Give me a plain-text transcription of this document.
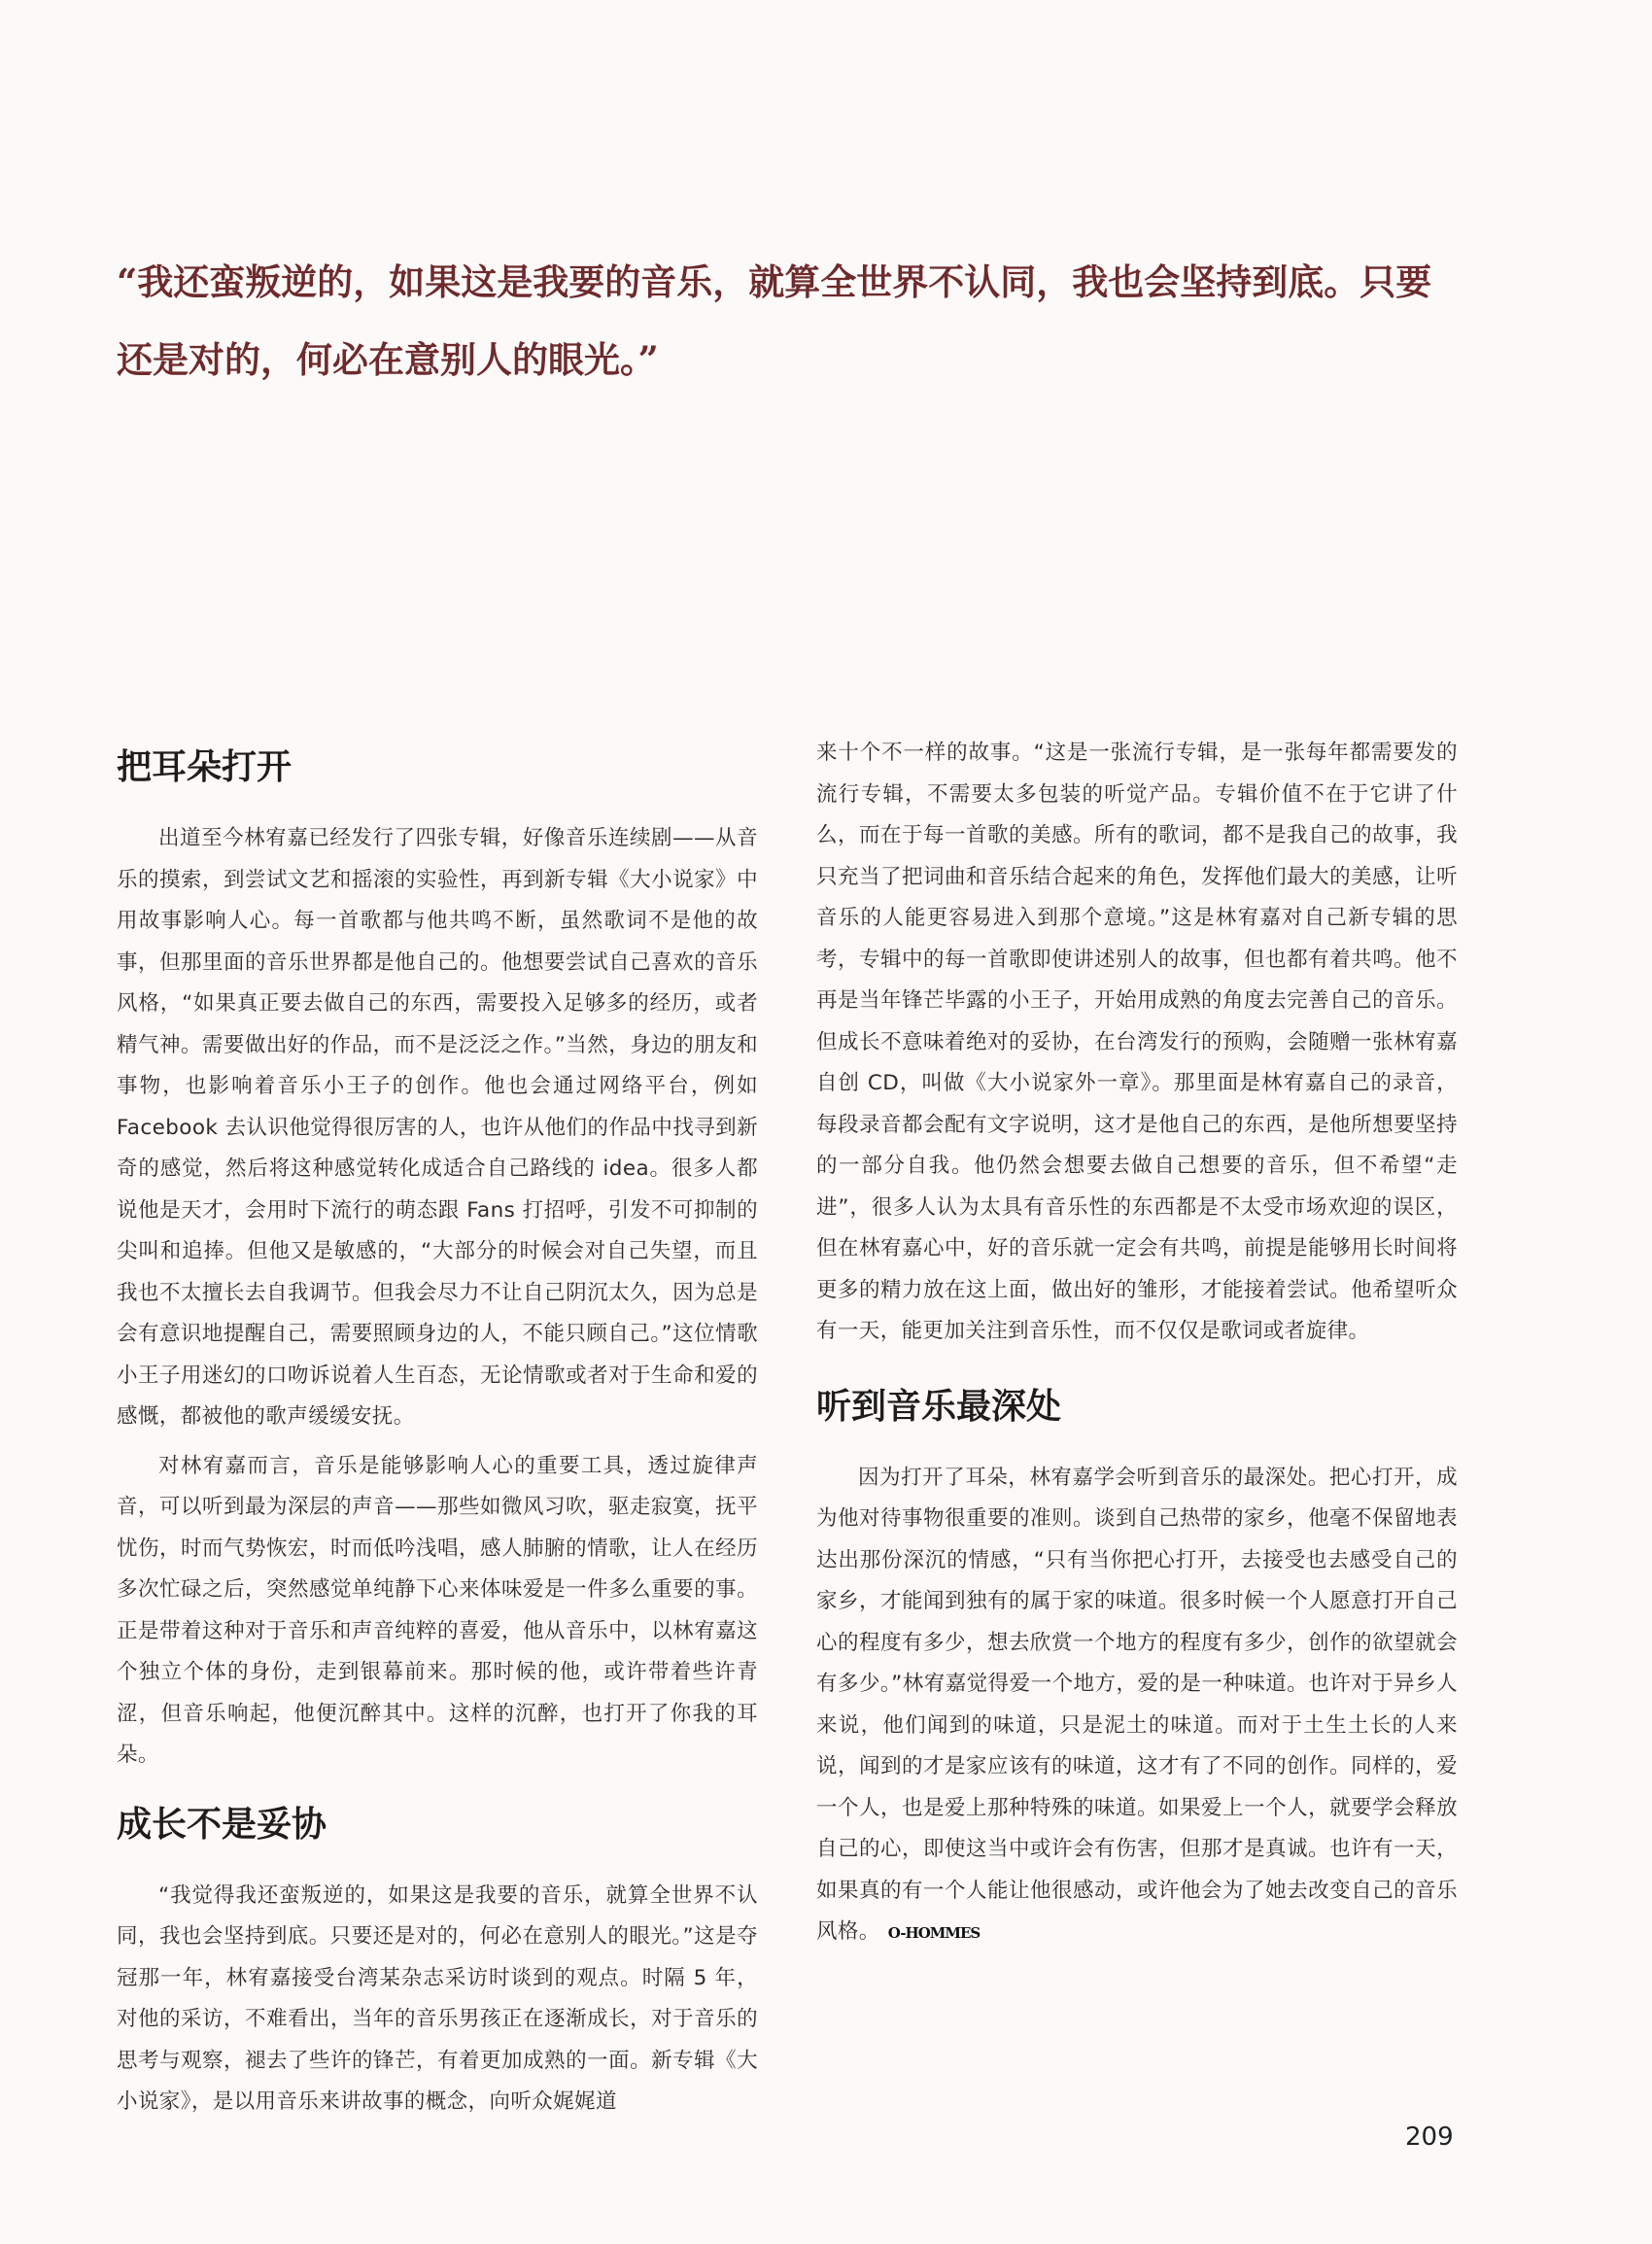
“我还蛮叛逆的，如果这是我要的音乐，就算全世界不认同，我也会坚持到底。只要还是对的，何必在意别人的眼光。”

把耳朵打开

出道至今林宥嘉已经发行了四张专辑，好像音乐连续剧——从音乐的摸索，到尝试文艺和摇滚的实验性，再到新专辑《大小说家》中用故事影响人心。每一首歌都与他共鸣不断，虽然歌词不是他的故事，但那里面的音乐世界都是他自己的。他想要尝试自己喜欢的音乐风格，“如果真正要去做自己的东西，需要投入足够多的经历，或者精气神。需要做出好的作品，而不是泛泛之作。”当然，身边的朋友和事物，也影响着音乐小王子的创作。他也会通过网络平台，例如 Facebook 去认识他觉得很厉害的人，也许从他们的作品中找寻到新奇的感觉，然后将这种感觉转化成适合自己路线的 idea。很多人都说他是天才，会用时下流行的萌态跟 Fans 打招呼，引发不可抑制的尖叫和追捧。但他又是敏感的，“大部分的时候会对自己失望，而且我也不太擅长去自我调节。但我会尽力不让自己阴沉太久，因为总是会有意识地提醒自己，需要照顾身边的人，不能只顾自己。”这位情歌小王子用迷幻的口吻诉说着人生百态，无论情歌或者对于生命和爱的感慨，都被他的歌声缓缓安抚。

对林宥嘉而言，音乐是能够影响人心的重要工具，透过旋律声音，可以听到最为深层的声音——那些如微风习吹，驱走寂寞，抚平忧伤，时而气势恢宏，时而低吟浅唱，感人肺腑的情歌，让人在经历多次忙碌之后，突然感觉单纯静下心来体味爱是一件多么重要的事。正是带着这种对于音乐和声音纯粹的喜爱，他从音乐中，以林宥嘉这个独立个体的身份，走到银幕前来。那时候的他，或许带着些许青涩，但音乐响起，他便沉醉其中。这样的沉醉，也打开了你我的耳朵。

成长不是妥协

“我觉得我还蛮叛逆的，如果这是我要的音乐，就算全世界不认同，我也会坚持到底。只要还是对的，何必在意别人的眼光。”这是夺冠那一年，林宥嘉接受台湾某杂志采访时谈到的观点。时隔 5 年，对他的采访，不难看出，当年的音乐男孩正在逐渐成长，对于音乐的思考与观察，褪去了些许的锋芒，有着更加成熟的一面。新专辑《大小说家》，是以用音乐来讲故事的概念，向听众娓娓道

来十个不一样的故事。“这是一张流行专辑，是一张每年都需要发的流行专辑，不需要太多包装的听觉产品。专辑价值不在于它讲了什么，而在于每一首歌的美感。所有的歌词，都不是我自己的故事，我只充当了把词曲和音乐结合起来的角色，发挥他们最大的美感，让听音乐的人能更容易进入到那个意境。”这是林宥嘉对自己新专辑的思考，专辑中的每一首歌即使讲述别人的故事，但也都有着共鸣。他不再是当年锋芒毕露的小王子，开始用成熟的角度去完善自己的音乐。但成长不意味着绝对的妥协，在台湾发行的预购，会随赠一张林宥嘉自创 CD，叫做《大小说家外一章》。那里面是林宥嘉自己的录音，每段录音都会配有文字说明，这才是他自己的东西，是他所想要坚持的一部分自我。他仍然会想要去做自己想要的音乐，但不希望“走进”，很多人认为太具有音乐性的东西都是不太受市场欢迎的误区，但在林宥嘉心中，好的音乐就一定会有共鸣，前提是能够用长时间将更多的精力放在这上面，做出好的雏形，才能接着尝试。他希望听众有一天，能更加关注到音乐性，而不仅仅是歌词或者旋律。

听到音乐最深处

因为打开了耳朵，林宥嘉学会听到音乐的最深处。把心打开，成为他对待事物很重要的准则。谈到自己热带的家乡，他毫不保留地表达出那份深沉的情感，“只有当你把心打开，去接受也去感受自己的家乡，才能闻到独有的属于家的味道。很多时候一个人愿意打开自己心的程度有多少，想去欣赏一个地方的程度有多少，创作的欲望就会有多少。”林宥嘉觉得爱一个地方，爱的是一种味道。也许对于异乡人来说，他们闻到的味道，只是泥土的味道。而对于土生土长的人来说，闻到的才是家应该有的味道，这才有了不同的创作。同样的，爱一个人，也是爱上那种特殊的味道。如果爱上一个人，就要学会释放自己的心，即使这当中或许会有伤害，但那才是真诚。也许有一天，如果真的有一个人能让他很感动，或许他会为了她去改变自己的音乐风格。 O-HOMMES

209
